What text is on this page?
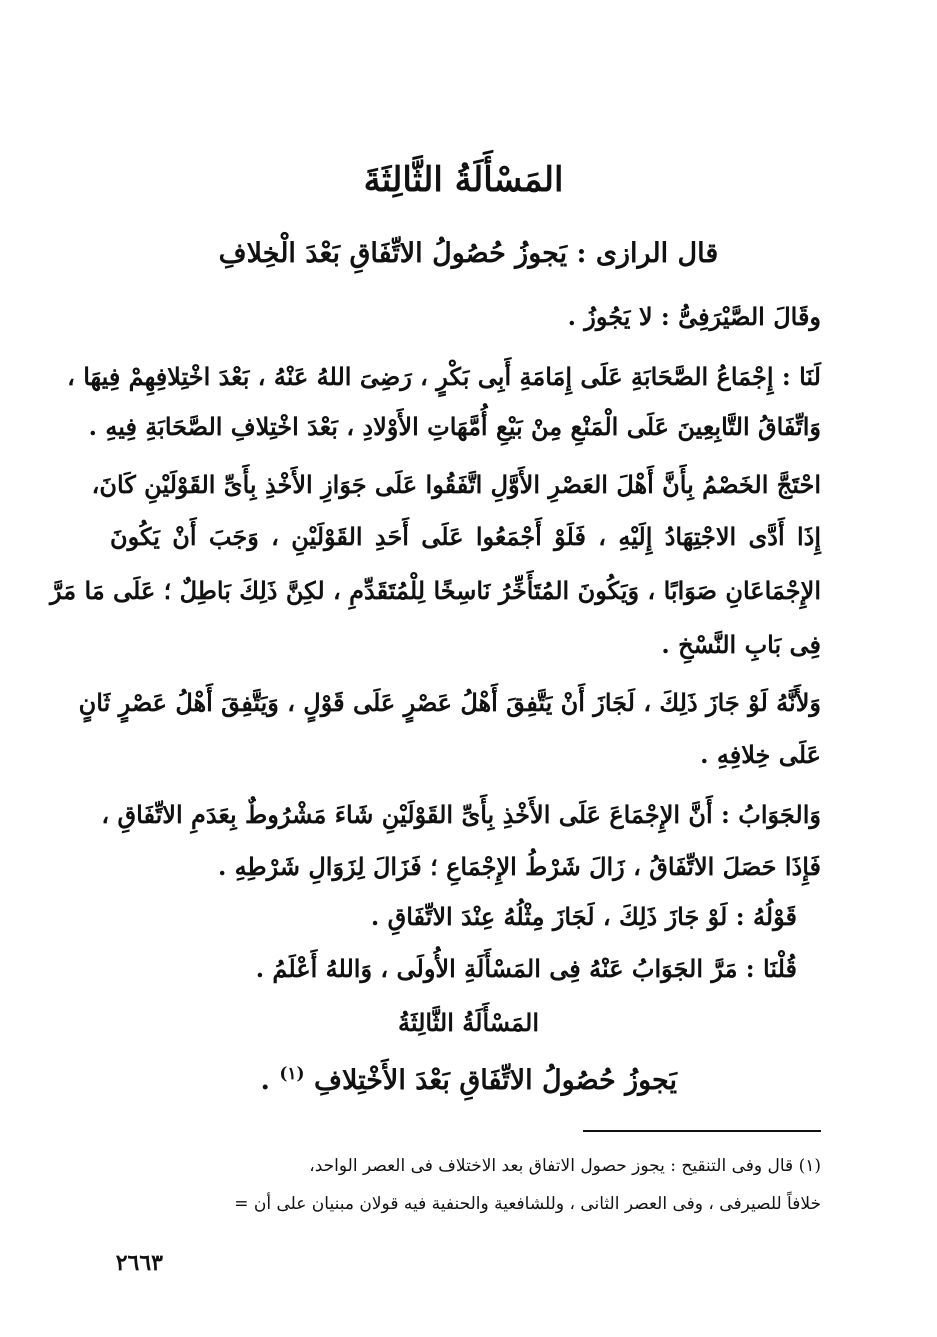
المَسْأَلَةُ الثَّالِثَةَ
قال الرازى : يَجوزُ حُصُولُ الاتِّفَاقِ بَعْدَ الْخِلافِ
وقَالَ الصَّيْرَفِىُّ : لا يَجُوزُ .
لَنَا : إِجْمَاعُ الصَّحَابَةِ عَلَى إِمَامَةِ أَبِى بَكْرٍ ، رَضِىَ اللهُ عَنْهُ ، بَعْدَ اخْتِلافِهِمْ فِيهَا ،
وَاتِّفَاقُ التَّابِعِينَ عَلَى الْمَنْعِ مِنْ بَيْعِ أُمَّهَاتِ الأَوْلادِ ، بَعْدَ اخْتِلافِ الصَّحَابَةِ فِيهِ .
احْتَجَّ الخَصْمُ بِأَنَّ أَهْلَ العَصْرِ الأَوَّلِ اتَّفَقُوا عَلَى جَوَازِ الأَخْذِ بِأَىِّ القَوْلَيْنِ كَانَ،
إِذَا أَدَّى الاجْتِهَادُ إِلَيْهِ ، فَلَوْ أَجْمَعُوا عَلَى أَحَدِ القَوْلَيْنِ ، وَجَبَ أَنْ يَكُونَ
الإِجْمَاعَانِ صَوَابًا ، وَيَكُونَ المُتَأَخِّرُ نَاسِخًا لِلْمُتَقَدِّمِ ، لكِنَّ ذَلِكَ بَاطِلٌ ؛ عَلَى مَا مَرَّ
فِى بَابِ النَّسْخِ .
وَلأَنَّهُ لَوْ جَازَ ذَلِكَ ، لَجَازَ أَنْ يَتَّفِقَ أَهْلُ عَصْرٍ عَلَى قَوْلٍ ، وَيَتَّفِقَ أَهْلُ عَصْرٍ ثَانٍ
عَلَى خِلافِهِ .
وَالجَوَابُ : أَنَّ الإِجْمَاعَ عَلَى الأَخْذِ بِأَىِّ القَوْلَيْنِ شَاءَ مَشْرُوطٌ بِعَدَمِ الاتِّفَاقِ ،
فَإِذَا حَصَلَ الاتِّفَاقُ ، زَالَ شَرْطُ الإِجْمَاعِ ؛ فَزَالَ لِزَوَالِ شَرْطِهِ .
قَوْلُهُ : لَوْ جَازَ ذَلِكَ ، لَجَازَ مِثْلُهُ عِنْدَ الاتِّفَاقِ .
قُلْنَا : مَرَّ الجَوَابُ عَنْهُ فِى المَسْأَلَةِ الأُولَى ، وَاللهُ أَعْلَمُ .
المَسْأَلَةُ الثَّالِثَةُ
يَجوزُ حُصُولُ الاتِّفَاقِ بَعْدَ الأَخْتِلافِ $^{(١)}$ .
(١) قال وفى التنقيح : يجوز حصول الاتفاق بعد الاختلاف فى العصر الواحد،
خلافاً للصيرفى ، وفى العصر الثانى ، وللشافعية والحنفية فيه قولان مبنيان على أن =
٢٦٦٣
